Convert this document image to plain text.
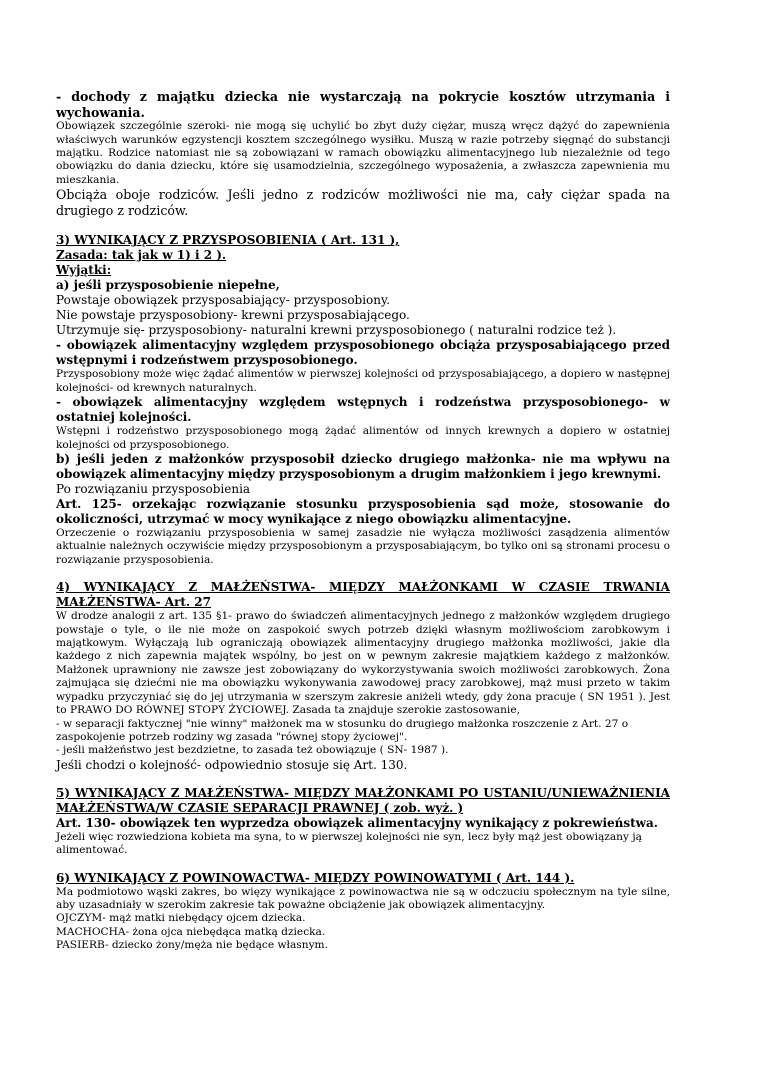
- dochody z majątku dziecka nie wystarczają na pokrycie kosztów utrzymania i wychowania.

Obowiązek szczególnie szeroki- nie mogą się uchylić bo zbyt duży ciężar, muszą wręcz dążyć do zapewnienia właściwych warunków egzystencji kosztem szczególnego wysiłku. Muszą w razie potrzeby sięgnąć do substancji majątku. Rodzice natomiast nie są zobowiązani w ramach obowiązku alimentacyjnego lub niezależnie od tego obowiązku do dania dziecku, które się usamodzielnia, szczególnego wyposażenia, a zwłaszcza zapewnienia mu mieszkania.

Obciąża oboje rodziców. Jeśli jedno z rodziców możliwości nie ma, cały ciężar spada na drugiego z rodziców.

3) WYNIKAJĄCY Z PRZYSPOSOBIENIA ( Art. 131 ),

Zasada: tak jak w 1) i 2 ).

Wyjątki:

a) jeśli przysposobienie niepełne,

Powstaje obowiązek przysposabiający- przysposobiony.

Nie powstaje przysposobiony- krewni przysposabiającego.

Utrzymuje się- przysposobiony- naturalni krewni przysposobionego ( naturalni rodzice też ).

- obowiązek alimentacyjny względem przysposobionego obciąża przysposabiającego przed wstępnymi i rodzeństwem przysposobionego.

Przysposobiony może więc żądać alimentów w pierwszej kolejności od przysposabiającego, a dopiero w następnej kolejności- od krewnych naturalnych.

- obowiązek alimentacyjny względem wstępnych i rodzeństwa przysposobionego- w ostatniej kolejności.

Wstępni i rodzeństwo przysposobionego mogą żądać alimentów od innych krewnych a dopiero w ostatniej kolejności od przysposobionego.

b) jeśli jeden z małżonków przysposobił dziecko drugiego małżonka- nie ma wpływu na obowiązek alimentacyjny między przysposobionym a drugim małżonkiem i jego krewnymi.

Po rozwiązaniu przysposobienia

Art. 125- orzekając rozwiązanie stosunku przysposobienia sąd może, stosowanie do okoliczności, utrzymać w mocy wynikające z niego obowiązku alimentacyjne.

Orzeczenie o rozwiązaniu przysposobienia w samej zasadzie nie wyłącza możliwości zasądzenia alimentów aktualnie należnych oczywiście między przysposobionym a przysposabiającym, bo tylko oni są stronami procesu o rozwiązanie przysposobienia.

4) WYNIKAJĄCY Z MAŁŻEŃSTWA- MIĘDZY MAŁŻONKAMI W CZASIE TRWANIA MAŁŻEŃSTWA- Art. 27

W drodze analogii z art. 135 §1- prawo do świadczeń alimentacyjnych jednego z małżonków względem drugiego powstaje o tyle, o ile nie może on zaspokoić swych potrzeb dzięki własnym możliwościom zarobkowym i majątkowym. Wyłączają lub ograniczają obowiązek alimentacyjny drugiego małżonka możliwości, jakie dla każdego z nich zapewnia majątek wspólny, bo jest on w pewnym zakresie majątkiem każdego z małżonków. Małżonek uprawniony nie zawsze jest zobowiązany do wykorzystywania swoich możliwości zarobkowych. Żona zajmująca się dziećmi nie ma obowiązku wykonywania zawodowej pracy zarobkowej, mąż musi przeto w takim wypadku przyczyniać się do jej utrzymania w szerszym zakresie aniżeli wtedy, gdy żona pracuje ( SN 1951 ). Jest to PRAWO DO RÓWNEJ STOPY ŻYCIOWEJ. Zasada ta znajduje szerokie zastosowanie,

- w separacji faktycznej "nie winny" małżonek ma w stosunku do drugiego małżonka roszczenie z Art. 27 o zaspokojenie potrzeb rodziny wg zasada "równej stopy życiowej".

- jeśli małżeństwo jest bezdzietne, to zasada też obowiązuje ( SN- 1987 ).

Jeśli chodzi o kolejność- odpowiednio stosuje się Art. 130.

5) WYNIKAJĄCY Z MAŁŻEŃSTWA- MIĘDZY MAŁŻONKAMI PO USTANIU/UNIEWAŻNIENIA MAŁŻEŃSTWA/W CZASIE SEPARACJI PRAWNEJ ( zob. wyż. )

Art. 130- obowiązek ten wyprzedza obowiązek alimentacyjny wynikający z pokrewieństwa.

Jeżeli więc rozwiedziona kobieta ma syna, to w pierwszej kolejności nie syn, lecz były mąż jest obowiązany ją alimentować.

6) WYNIKAJĄCY Z POWINOWACTWA- MIĘDZY POWINOWATYMI ( Art. 144 ).

Ma podmiotowo wąski zakres, bo więzy wynikające z powinowactwa nie są w odczuciu społecznym na tyle silne, aby uzasadniały w szerokim zakresie tak poważne obciążenie jak obowiązek alimentacyjny.

OJCZYM- mąż matki niebędący ojcem dziecka.

MACHOCHA- żona ojca niebędąca matką dziecka.

PASIERB- dziecko żony/męża nie będące własnym.
